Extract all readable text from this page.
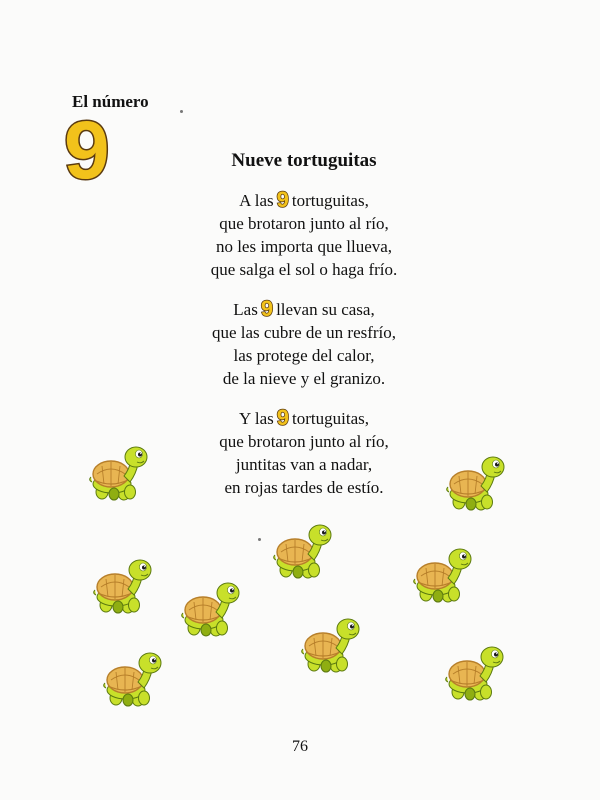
El número
9	Nueve tortuguitas
A las 9 tortuguitas,
que brotaron junto al río,
no les importa que llueva,
que salga el sol o haga frío.
Las 9 llevan su casa,
que las cubre de un resfrío,
las protege del calor,
de la nieve y el granizo.
Y las 9 tortuguitas,
que brotaron junto al río,
juntitas van a nadar,
en rojas tardes de estío.
76
